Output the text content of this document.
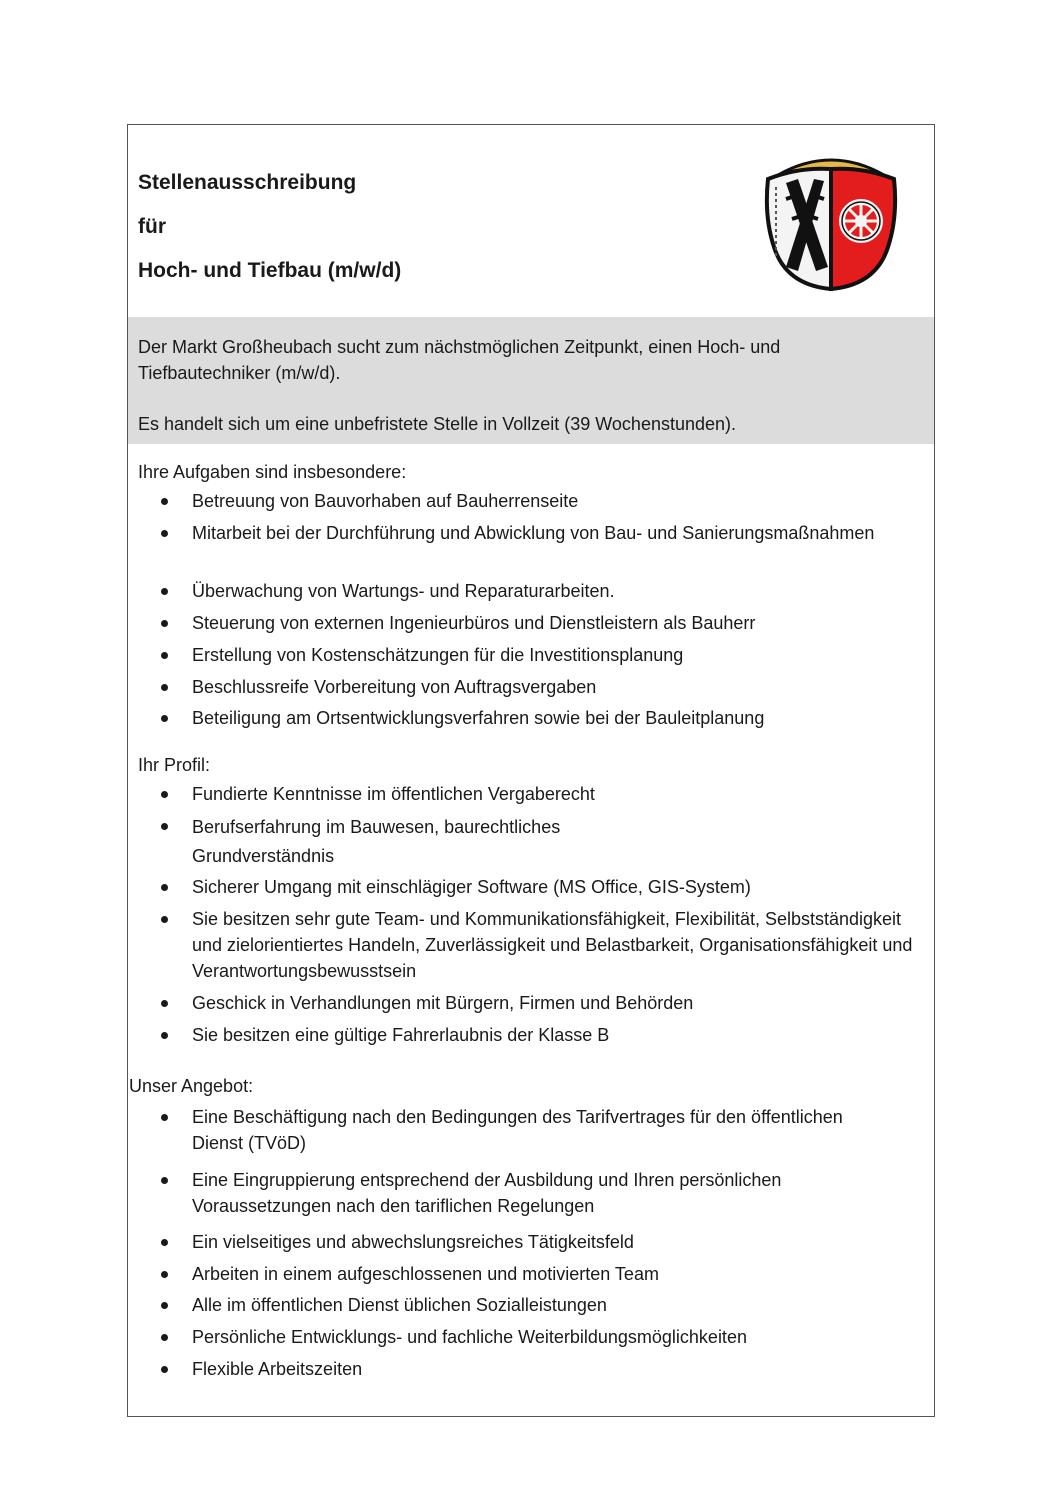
Stellenausschreibung
für
Hoch- und Tiefbau (m/w/d)

Der Markt Großheubach sucht zum nächstmöglichen Zeitpunkt, einen Hoch- und Tiefbautechniker (m/w/d).

Es handelt sich um eine unbefristete Stelle in Vollzeit (39 Wochenstunden).

Ihre Aufgaben sind insbesondere:
Betreuung von Bauvorhaben auf Bauherrenseite
Mitarbeit bei der Durchführung und Abwicklung von Bau- und Sanierungsmaßnahmen
Überwachung von Wartungs- und Reparaturarbeiten.
Steuerung von externen Ingenieurbüros und Dienstleistern als Bauherr
Erstellung von Kostenschätzungen für die Investitionsplanung
Beschlussreife Vorbereitung von Auftragsvergaben
Beteiligung am Ortsentwicklungsverfahren sowie bei der Bauleitplanung
Ihr Profil:
Fundierte Kenntnisse im öffentlichen Vergaberecht
Berufserfahrung im Bauwesen, baurechtliches Grundverständnis
Sicherer Umgang mit einschlägiger Software (MS Office, GIS-System)
Sie besitzen sehr gute Team- und Kommunikationsfähigkeit, Flexibilität, Selbstständigkeit und zielorientiertes Handeln, Zuverlässigkeit und Belastbarkeit, Organisationsfähigkeit und Verantwortungsbewusstsein
Geschick in Verhandlungen mit Bürgern, Firmen und Behörden
Sie besitzen eine gültige Fahrerlaubnis der Klasse B
Unser Angebot:
Eine Beschäftigung nach den Bedingungen des Tarifvertrages für den öffentlichen Dienst (TVöD)
Eine Eingruppierung entsprechend der Ausbildung und Ihren persönlichen Voraussetzungen nach den tariflichen Regelungen
Ein vielseitiges und abwechslungsreiches Tätigkeitsfeld
Arbeiten in einem aufgeschlossenen und motivierten Team
Alle im öffentlichen Dienst üblichen Sozialleistungen
Persönliche Entwicklungs- und fachliche Weiterbildungsmöglichkeiten
Flexible Arbeitszeiten
